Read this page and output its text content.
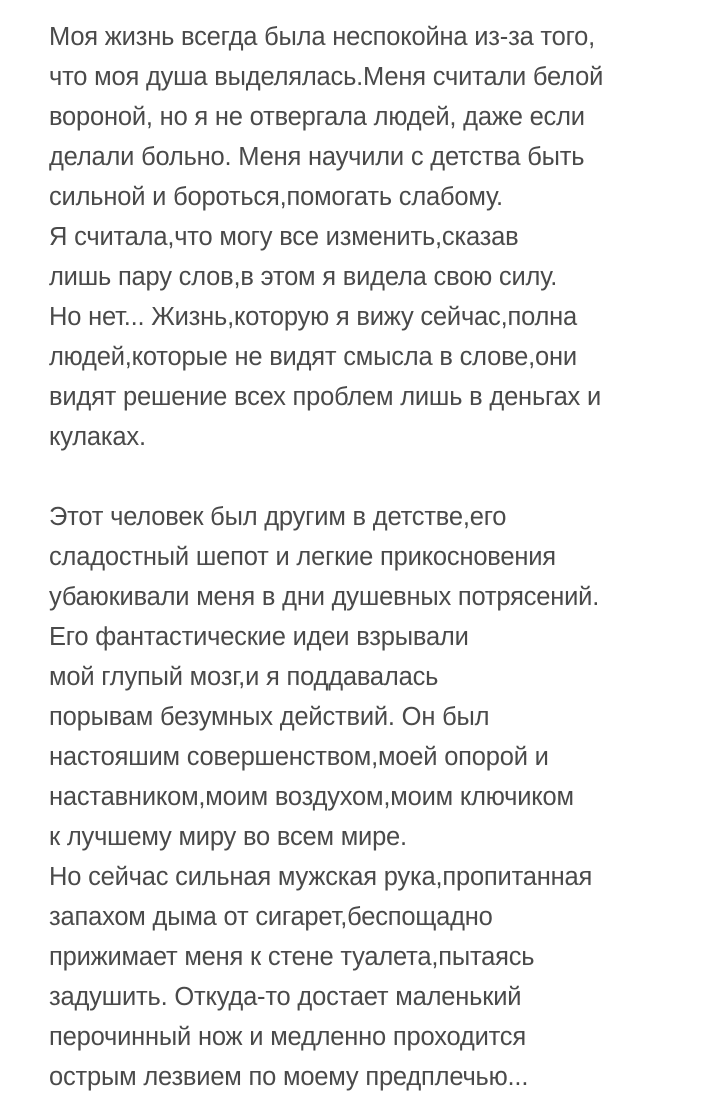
Моя жизнь всегда была неспокойна из-за того,
что моя душа выделялась.Меня считали белой
вороной, но я не отвергала людей, даже если
делали больно. Меня научили с детства быть
сильной и бороться,помогать слабому.
Я считала,что могу все изменить,сказав
лишь пару слов,в этом я видела свою силу.
Но нет... Жизнь,которую я вижу сейчас,полна
людей,которые не видят смысла в слове,они
видят решение всех проблем лишь в деньгах и
кулаках.
Этот человек был другим в детстве,его
сладостный шепот и легкие прикосновения
убаюкивали меня в дни душевных потрясений.
Его фантастические идеи взрывали
мой глупый мозг,и я поддавалась
порывам безумных действий. Он был
настояшим совершенством,моей опорой и
наставником,моим воздухом,моим ключиком
к лучшему миру во всем мире.
Но сейчас сильная мужская рука,пропитанная
запахом дыма от сигарет,беспощадно
прижимает меня к стене туалета,пытаясь
задушить. Откуда-то достает маленький
перочинный нож и медленно проходится
острым лезвием по моему предплечью...
